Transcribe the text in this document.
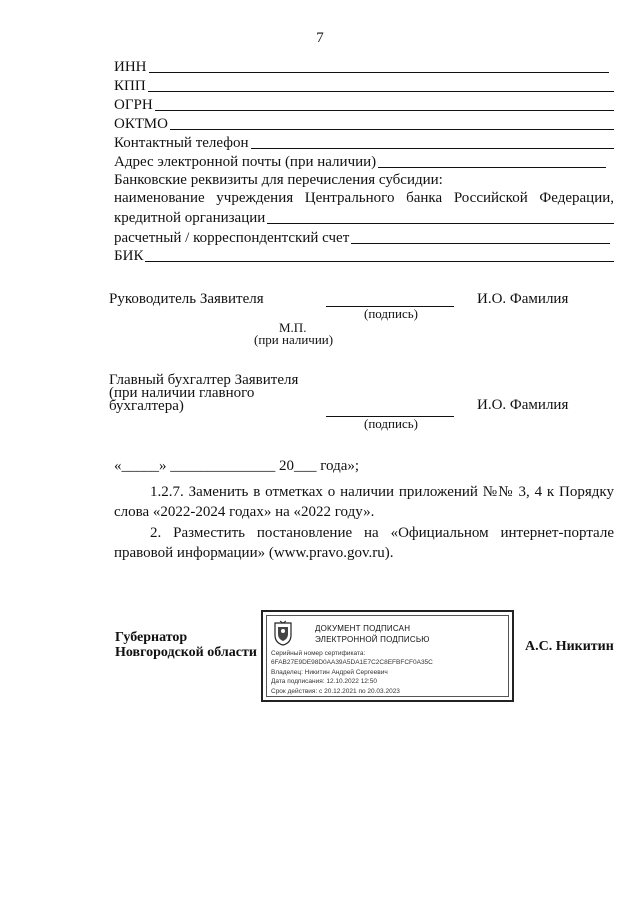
7
ИНН
КПП
ОГРН
ОКТМО
Контактный телефон
Адрес электронной почты (при наличии)
Банковские реквизиты для перечисления субсидии:
наименование учреждения Центрального банка Российской Федерации,
кредитной организации
расчетный / корреспондентский счет
БИК
Руководитель Заявителя
(подпись)
И.О. Фамилия
М.П.
(при наличии)
Главный бухгалтер Заявителя
(при наличии главного
бухгалтера)
(подпись)
И.О. Фамилия
«_____» ______________ 20___ года»;
1.2.7. Заменить в отметках о наличии приложений №№ 3, 4 к Порядку
слова «2022-2024 годах» на «2022 году».
2. Разместить постановление на «Официальном интернет-портале
правовой информации» (www.pravo.gov.ru).
Губернатор
Новгородской области	А.С. Никитин
ДОКУМЕНТ ПОДПИСАН
ЭЛЕКТРОННОЙ ПОДПИСЬЮ
Серийный номер сертификата:
6FAB27E9DE98D0AA39A5DA1E7C2C8EFBFCF0A35C
Владелец: Никитин Андрей Сергеевич
Дата подписания: 12.10.2022 12:50
Срок действия: с 20.12.2021 по 20.03.2023
